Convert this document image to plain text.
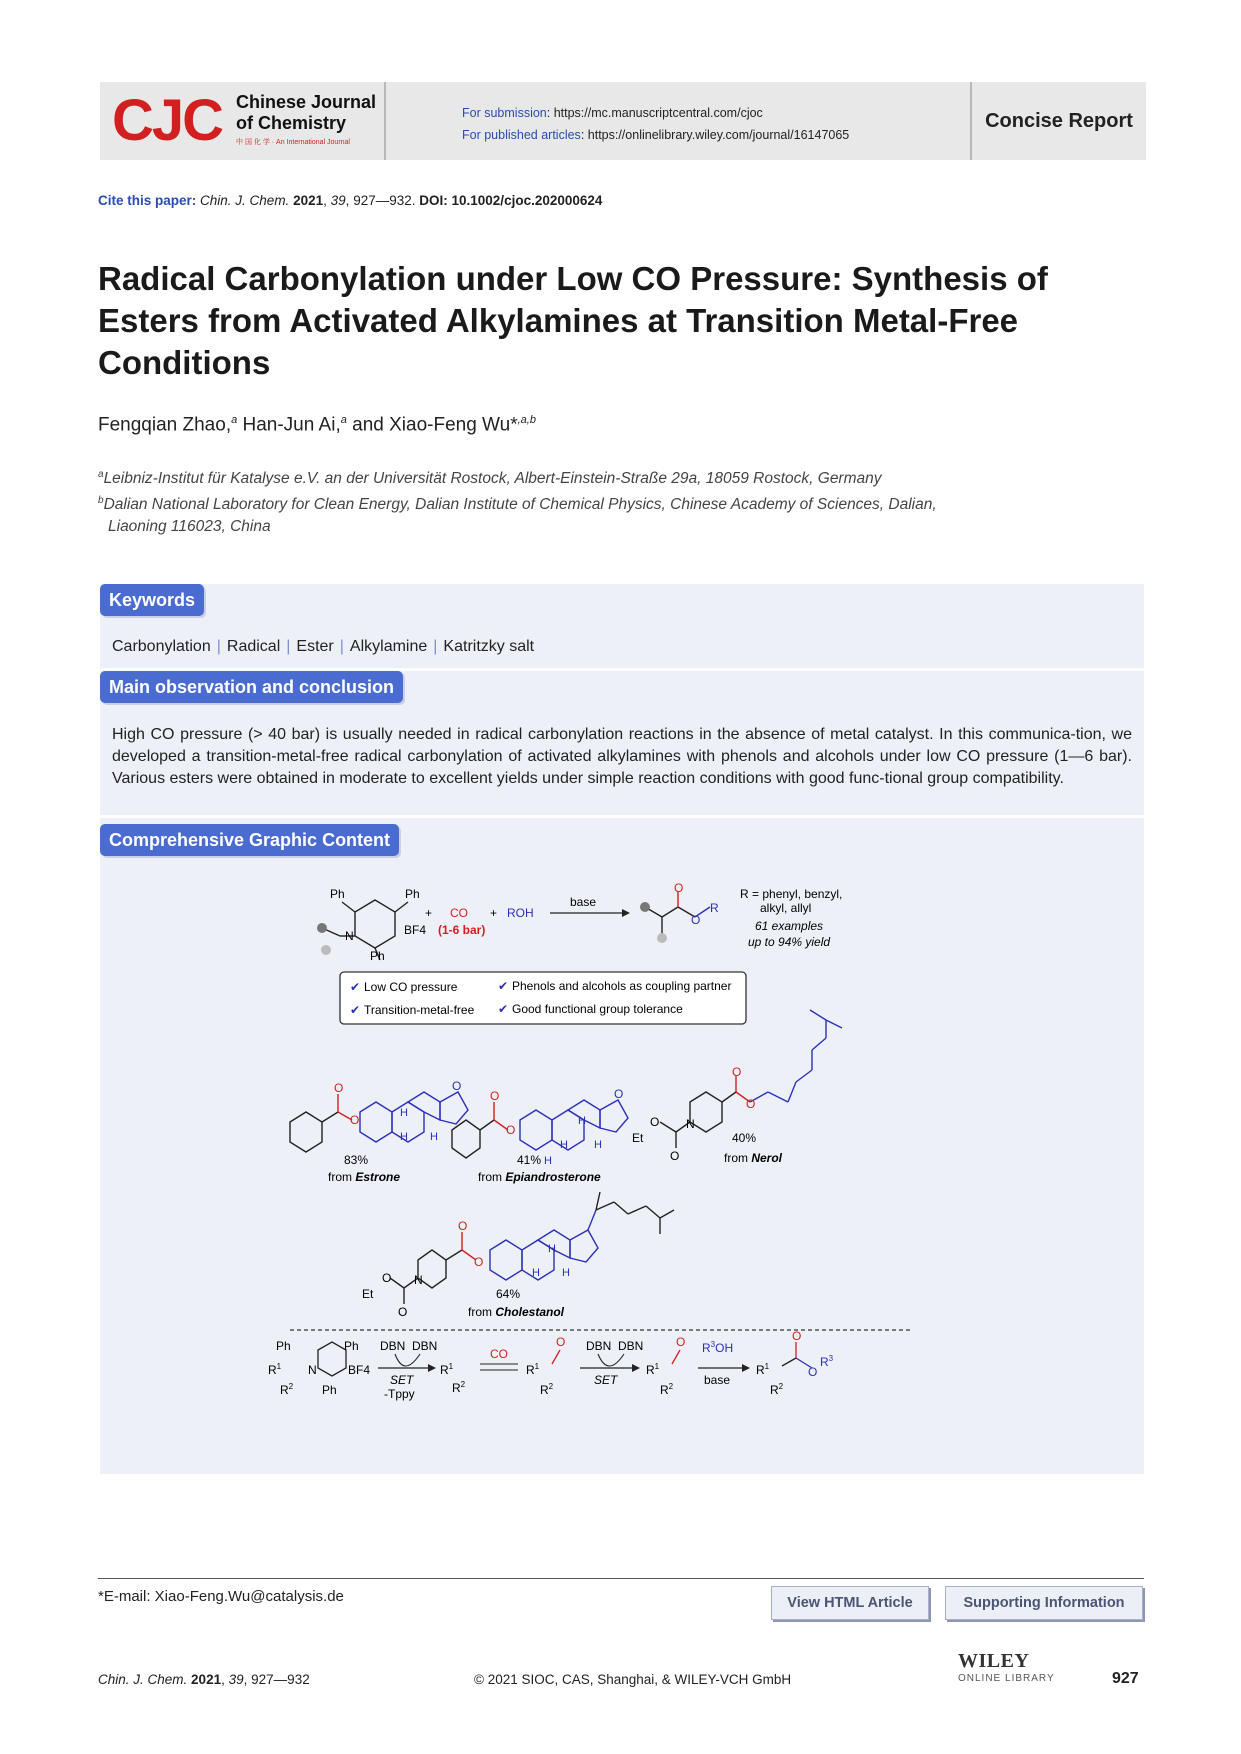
CJC Chinese Journal
of Chemistry
中 国 化 学 · An International Journal
For submission: https://mc.manuscriptcentral.com/cjoc
For published articles: https://onlinelibrary.wiley.com/journal/16147065
Concise Report
Cite this paper: Chin. J. Chem. 2021, 39, 927—932. DOI: 10.1002/cjoc.202000624
Radical Carbonylation under Low CO Pressure: Synthesis of Esters from Activated Alkylamines at Transition Metal-Free Conditions
Fengqian Zhao,$^a$ Han-Jun Ai,$^a$ and Xiao-Feng Wu*$^{,a,b}$
$^a$Leibniz-Institut für Katalyse e.V. an der Universität Rostock, Albert-Einstein-Straße 29a, 18059 Rostock, Germany
$^b$Dalian National Laboratory for Clean Energy, Dalian Institute of Chemical Physics, Chinese Academy of Sciences, Dalian,
Liaoning 116023, China
Keywords
Carbonylation | Radical | Ester | Alkylamine | Katritzky salt
Main observation and conclusion
High CO pressure (> 40 bar) is usually needed in radical carbonylation reactions in the absence of metal catalyst. In this communica-tion, we developed a transition-metal-free radical carbonylation of activated alkylamines with phenols and alcohols under low CO pressure (1—6 bar). Various esters were obtained in moderate to excellent yields under simple reaction conditions with good func-tional group compatibility.
Comprehensive Graphic Content
Ph	Ph
Ph
N	BF4
+ CO
(1-6 bar)
+ ROH
base
O
O
R
R = phenyl, benzyl,
alkyl, allyl
61 examples
up to 94% yield
✔ Low CO pressure	✔ Phenols and alcohols as coupling partner
✔ Transition-metal-free ✔ Good functional group tolerance
O
O
O
H
H H
83%
from Estrone
O
O
O
H
H H
H
41%
from Epiandrosterone
O
O
N
O
O
Et	40%
from Nerol
O
O
N
O
O
Et
H
H H
64%
from Cholestanol
Ph	Ph
Ph
$R^1$
$R^2$
N	BF4
DBN DBN
SET
-Tppy
$R^1$
$R^2$
CO
$R^1$
$R^2$
O DBN DBN
SET
$R^1$
$R^2$
O $R^3OH$
base
$R^1$
$R^2$
O
O
$R^3$
*E-mail: Xiao-Feng.Wu@catalysis.de	View HTML Article	Supporting Information
Chin. J. Chem. 2021, 39, 927—932	© 2021 SIOC, CAS, Shanghai, & WILEY-VCH GmbH
WILEY
ONLINE LIBRARY	927
